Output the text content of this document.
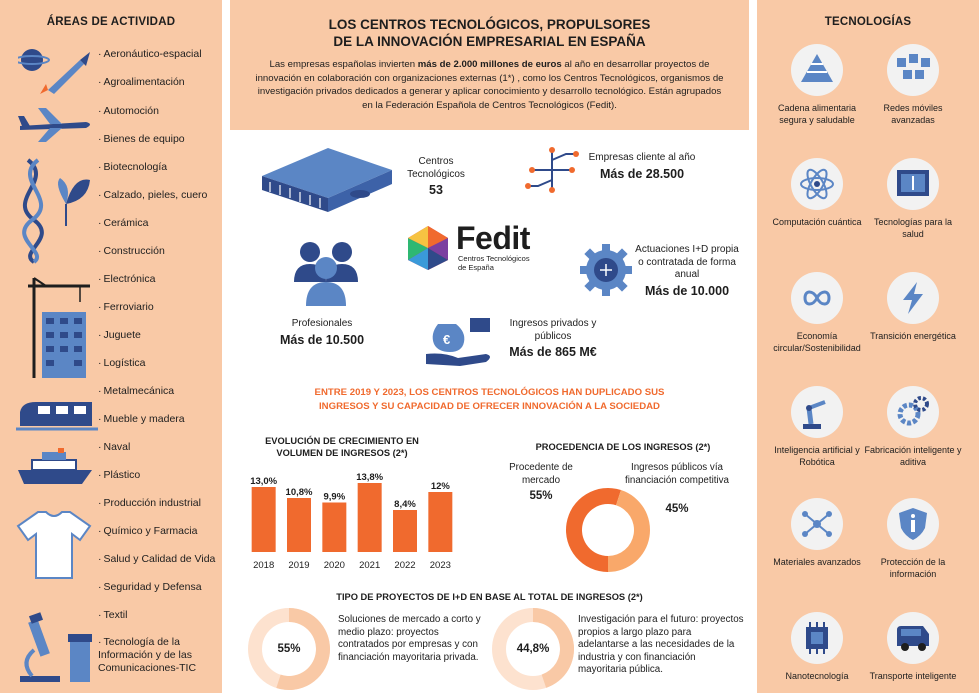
ÁREAS DE ACTIVIDAD
· Aeronáutico-espacial
· Agroalimentación
· Automoción
· Bienes de equipo
· Biotecnología
· Calzado, pieles, cuero
· Cerámica
· Construcción
· Electrónica
· Ferroviario
· Juguete
· Logística
· Metalmecánica
· Mueble y madera
· Naval
· Plástico
· Producción industrial
· Químico y Farmacia
· Salud y Calidad de Vida
· Seguridad y Defensa
· Textil
· Tecnología de la Información y de las Comunicaciones-TIC
LOS CENTROS TECNOLÓGICOS, PROPULSORES
DE LA INNOVACIÓN EMPRESARIAL EN ESPAÑA
Las empresas españolas invierten más de 2.000 millones de euros al año en desarrollar proyectos de innovación en colaboración con organizaciones externas (1*) , como los Centros Tecnológicos, organismos de investigación privados dedicados a generar y aplicar conocimiento y desarrollo tecnológico. Están agrupados en la Federación Española de Centros Tecnológicos (Fedit).
Centros Tecnológicos
53
Empresas cliente al año
Más de 28.500
Fedit
Centros Tecnológicos
de España
Actuaciones I+D propia o contratada de forma anual
Más de 10.000
Profesionales
Más de 10.500	€
Ingresos privados y públicos
Más de 865 M€
ENTRE 2019 Y 2023, LOS CENTROS TECNOLÓGICOS HAN DUPLICADO SUS
INGRESOS Y SU CAPACIDAD DE OFRECER INNOVACIÓN A LA SOCIEDAD
EVOLUCIÓN DE CRECIMIENTO EN VOLUMEN DE INGRESOS (2*)
13,0%
2018
10,8%
2019
9,9%
2020
13,8%
2021
8,4%
2022
12%
2023
PROCEDENCIA DE LOS INGRESOS (2*)
Procedente de mercado
55%
Ingresos públicos vía financiación competitiva
45%
TIPO DE PROYECTOS DE I+D EN BASE AL TOTAL DE INGRESOS (2*)
55%
Soluciones de mercado a corto y medio plazo: proyectos contratados por empresas y con financiación mayoritaria privada.
44,8%
Investigación para el futuro: proyectos propios a largo plazo para adelantarse a las necesidades de la industria y con financiación mayoritaria pública.
TECNOLOGÍAS
Cadena alimentaria segura y saludable
Redes móviles avanzadas
Computación cuántica	Tecnologías para la salud
Economía circular/Sostenibilidad
Transición energética
Inteligencia artificial y Robótica
Fabricación inteligente y aditiva
Materiales avanzados	Protección de la información
Nanotecnología	Transporte inteligente
